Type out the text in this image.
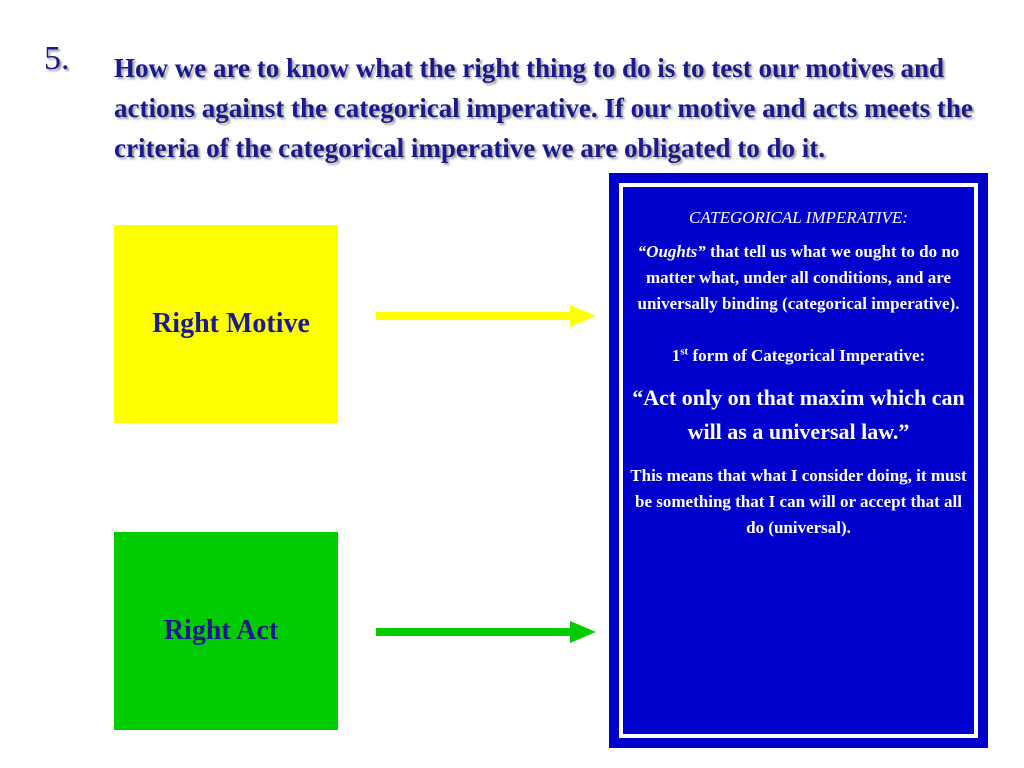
5. How we are to know what the right thing to do is to test our motives and actions against the categorical imperative. If our motive and acts meets the criteria of the categorical imperative we are obligated to do it.
Right Motive
Right Act

CATEGORICAL IMPERATIVE:

“Oughts” that tell us what we ought to do no matter what, under all conditions, and are universally binding (categorical imperative).

1st form of Categorical Imperative:

“Act only on that maxim which can will as a universal law.”

This means that what I consider doing, it must be something that I can will or accept that all do (universal).
